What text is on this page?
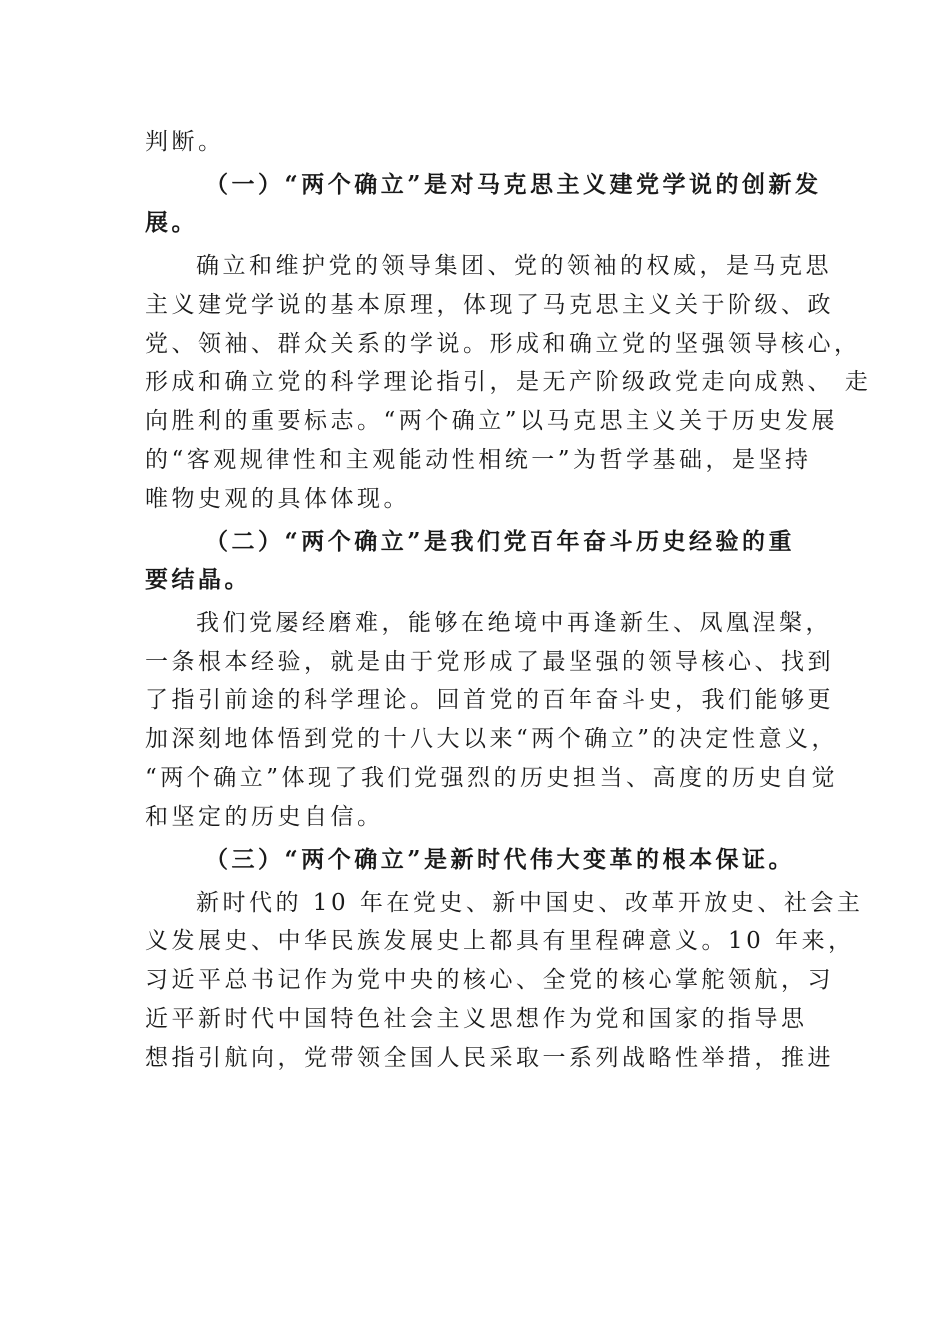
判断。
（一）“两个确立”是对马克思主义建党学说的创新发
展。
确立和维护党的领导集团、党的领袖的权威，是马克思
主义建党学说的基本原理，体现了马克思主义关于阶级、政
党、领袖、群众关系的学说。形成和确立党的坚强领导核心，
形成和确立党的科学理论指引，是无产阶级政党走向成熟、 走
向胜利的重要标志。“两个确立”以马克思主义关于历史发展
的“客观规律性和主观能动性相统一”为哲学基础，是坚持
唯物史观的具体体现。
（二）“两个确立”是我们党百年奋斗历史经验的重
要结晶。
我们党屡经磨难，能够在绝境中再逢新生、凤凰涅槃，
一条根本经验，就是由于党形成了最坚强的领导核心、找到
了指引前途的科学理论。回首党的百年奋斗史，我们能够更
加深刻地体悟到党的十八大以来“两个确立”的决定性意义，
“两个确立”体现了我们党强烈的历史担当、高度的历史自觉
和坚定的历史自信。
（三）“两个确立”是新时代伟大变革的根本保证。
新时代的 10 年在党史、新中国史、改革开放史、社会主
义发展史、中华民族发展史上都具有里程碑意义。10 年来，
习近平总书记作为党中央的核心、全党的核心掌舵领航，习
近平新时代中国特色社会主义思想作为党和国家的指导思
想指引航向，党带领全国人民采取一系列战略性举措，推进
